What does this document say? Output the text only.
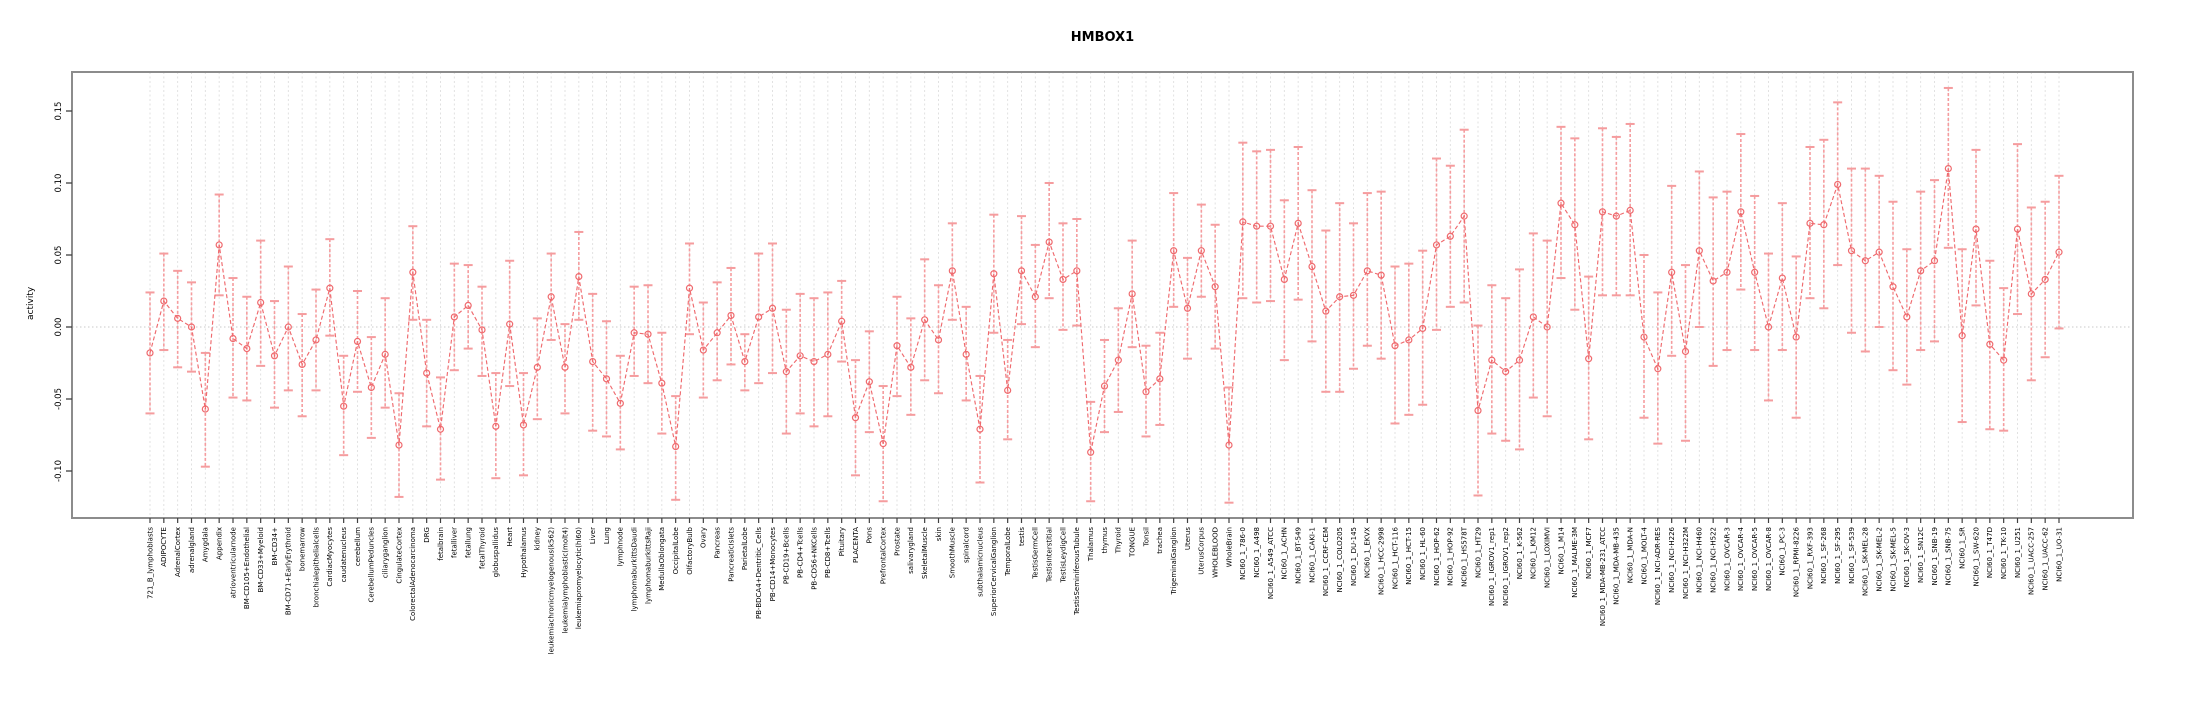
HMBOX1
activity
0.15
0.10
0.05
0.00
-0.05
-0.10
721_B_lymphoblasts ADIPOCYTE AdrenalCortex adrenalgland Amygdala Appendix atrioventricularnode BM-CD105+Endothelial BM-CD33+Myeloid BM-CD34+ BM-CD71+EarlyErythroid bonemarrow bronchialepithelialcells CardiacMyocytes caudatenucleus cerebellum CerebellumPeduncles ciliaryganglion CingulateCortex ColorectalAdenocarcinoma DRG fetalbrain fetalliver fetallung fetalThyroid globuspallidus Heart Hypothalamus kidney leukemiachronicmyelogenous(k562) leukemialymphoblastic(molt4) leukemiapromyelocytic(hl60) Liver Lung lymphnode lymphomaburkittsDaudi lymphomaburkittsRaji MedullaOblongata OccipitalLobe OlfactoryBulb Ovary Pancreas PancreaticIslets ParietalLobe PB-BDCA4+Dentritic_Cells PB-CD14+Monocytes PB-CD19+Bcells PB-CD4+Tcells PB-CD56+NKCells PB-CD8+Tcells Pituitary PLACENTA Pons PrefrontalCortex Prostate salivarygland SkeletalMuscle skin SmoothMuscle spinalcord subthalamicnucleus SuperiorCervicalGanglion TemporalLobe testis TestisGermCell TestisInterstitial TestisLeydigCell TestisSeminiferousTubule Thalamus thymus Thyroid TONGUE Tonsil trachea TrigeminalGanglion Uterus UterusCorpus WHOLEBLOOD WholeBrain NCI60_1_786-0 NCI60_1_A498 NCI60_1_A549_ATCC NCI60_1_ACHN NCI60_1_BT-549 NCI60_1_CAKI-1 NCI60_1_CCRF-CEM NCI60_1_COLO205 NCI60_1_DU-145 NCI60_1_EKVX NCI60_1_HCC-2998 NCI60_1_HCT-116 NCI60_1_HCT-15 NCI60_1_HL-60 NCI60_1_HOP-62 NCI60_1_HOP-92 NCI60_1_HS578T NCI60_1_HT29 NCI60_1_IGROV1_rep1 NCI60_1_IGROV1_rep2 NCI60_1_K-562 NCI60_1_KM12 NCI60_1_LOXIMVI NCI60_1_M14 NCI60_1_MALME-3M NCI60_1_MCF7 NCI60_1_MDA-MB-231_ATCC NCI60_1_MDA-MB-435 NCI60_1_MDA-N NCI60_1_MOLT-4 NCI60_1_NCI-ADR-RES NCI60_1_NCI-H226 NCI60_1_NCI-H322M NCI60_1_NCI-H460 NCI60_1_NCI-H522 NCI60_1_OVCAR-3 NCI60_1_OVCAR-4 NCI60_1_OVCAR-5 NCI60_1_OVCAR-8 NCI60_1_PC-3 NCI60_1_RPMI-8226 NCI60_1_RXF-393 NCI60_1_SF-268 NCI60_1_SF-295 NCI60_1_SF-539 NCI60_1_SK-MEL-28 NCI60_1_SK-MEL-2 NCI60_1_SK-MEL-5 NCI60_1_SK-OV-3 NCI60_1_SN12C NCI60_1_SNB-19 NCI60_1_SNB-75 NCI60_1_SR NCI60_1_SW-620 NCI60_1_T47D NCI60_1_TK-10 NCI60_1_U251 NCI60_1_UACC-257 NCI60_1_UACC-62 NCI60_1_UO-31
